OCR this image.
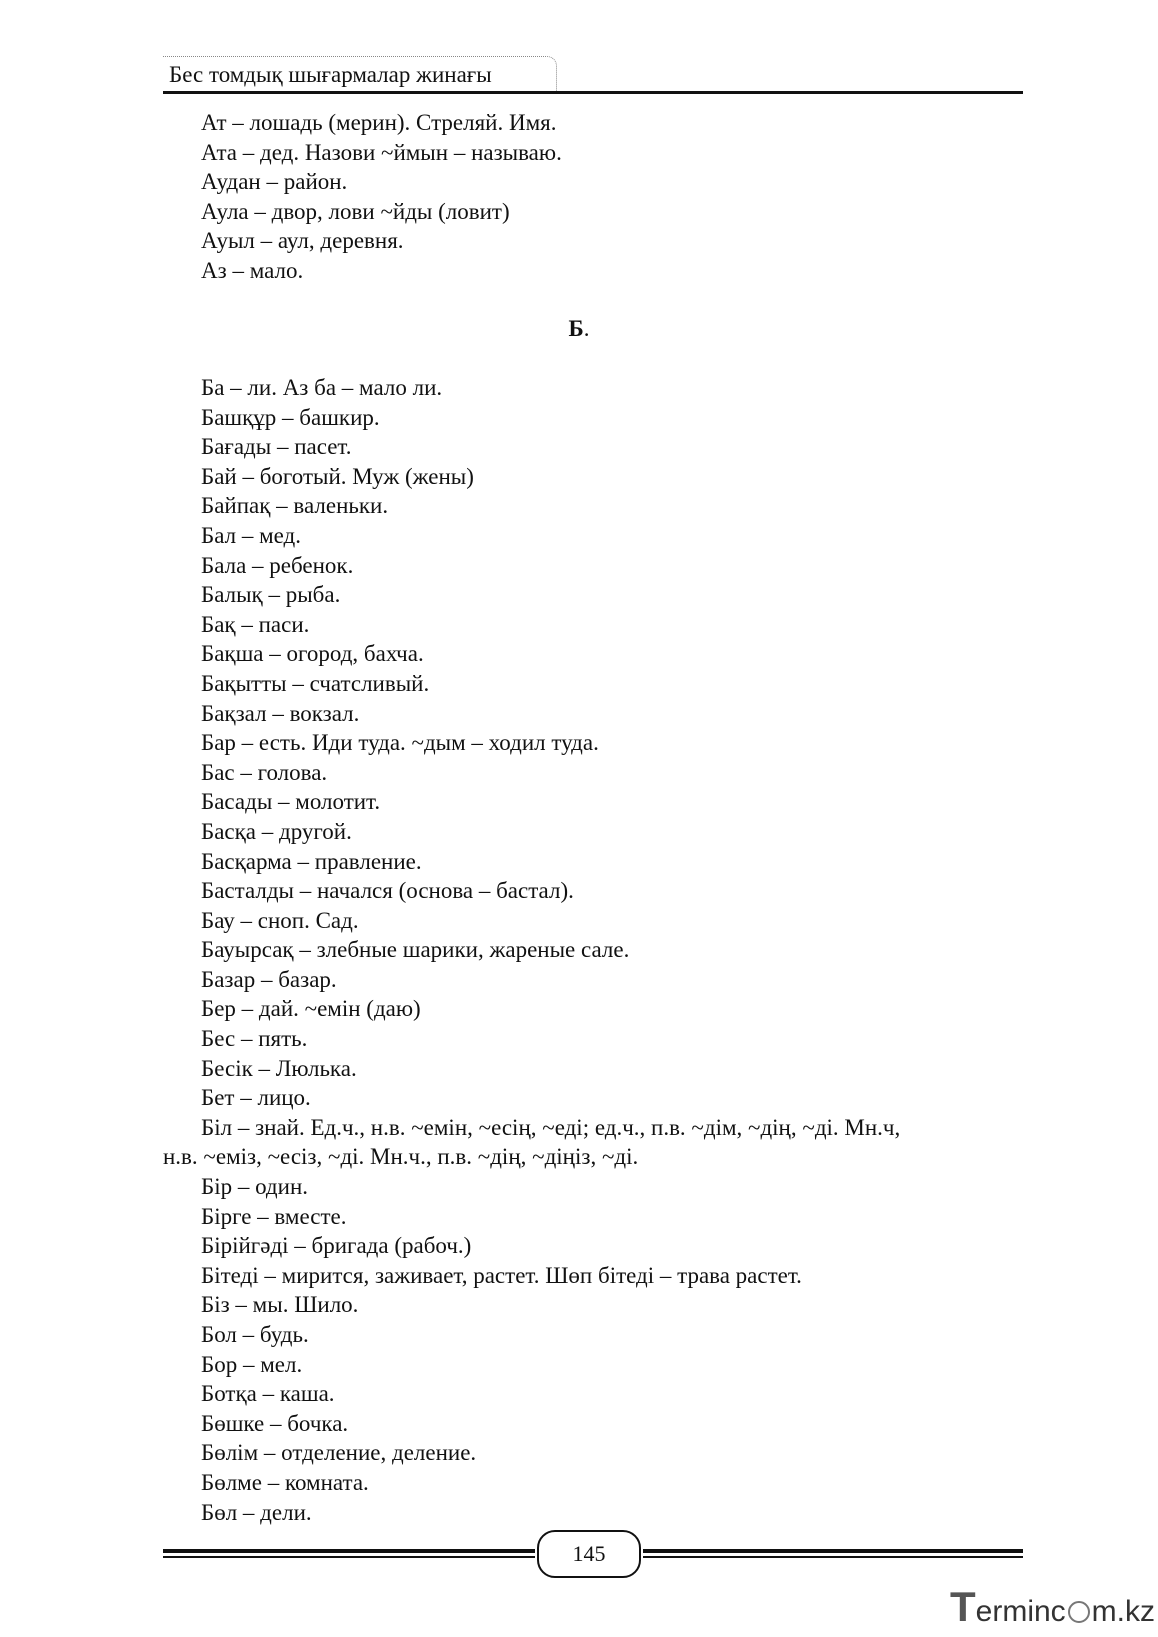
Бес томдық шығармалар жинағы
Ат – лошадь (мерин). Стреляй. Имя.
Ата – дед. Назови ~ймын – называю.
Аудан – район.
Аула – двор, лови ~йды (ловит)
Ауыл – аул, деревня.
Аз – мало.
Б.
Ба – ли. Аз ба – мало ли.
Башқұр – башкир.
Бағады – пасет.
Бай – боготый. Муж (жены)
Байпақ – валеньки.
Бал – мед.
Бала – ребенок.
Балық – рыба.
Бақ – паси.
Бақша – огород, бахча.
Бақытты – счатсливый.
Бақзал – вокзал.
Бар – есть. Иди туда. ~дым – ходил туда.
Бас – голова.
Басады – молотит.
Басқа – другой.
Басқарма – правление.
Басталды – начался (основа – бастал).
Бау – сноп. Сад.
Бауырсақ – злебные шарики, жареные сале.
Базар – базар.
Бер – дай. ~емін (даю)
Бес – пять.
Бесік – Люлька.
Бет – лицо.
Біл – знай. Ед.ч., н.в. ~емін, ~есің, ~еді; ед.ч., п.в. ~дім, ~дің, ~ді. Мн.ч,
н.в. ~еміз, ~есіз, ~ді. Мн.ч., п.в. ~дің, ~діңіз, ~ді.
Бір – один.
Бірге – вместе.
Бірійгәді – бригада (рабоч.)
Бітеді – мирится, заживает, растет. Шөп бітеді – трава растет.
Біз – мы. Шило.
Бол – будь.
Бор – мел.
Ботқа – каша.
Бөшке – бочка.
Бөлім – отделение, деление.
Бөлме – комната.
Бөл – дели.
145
Terminc m.kz
